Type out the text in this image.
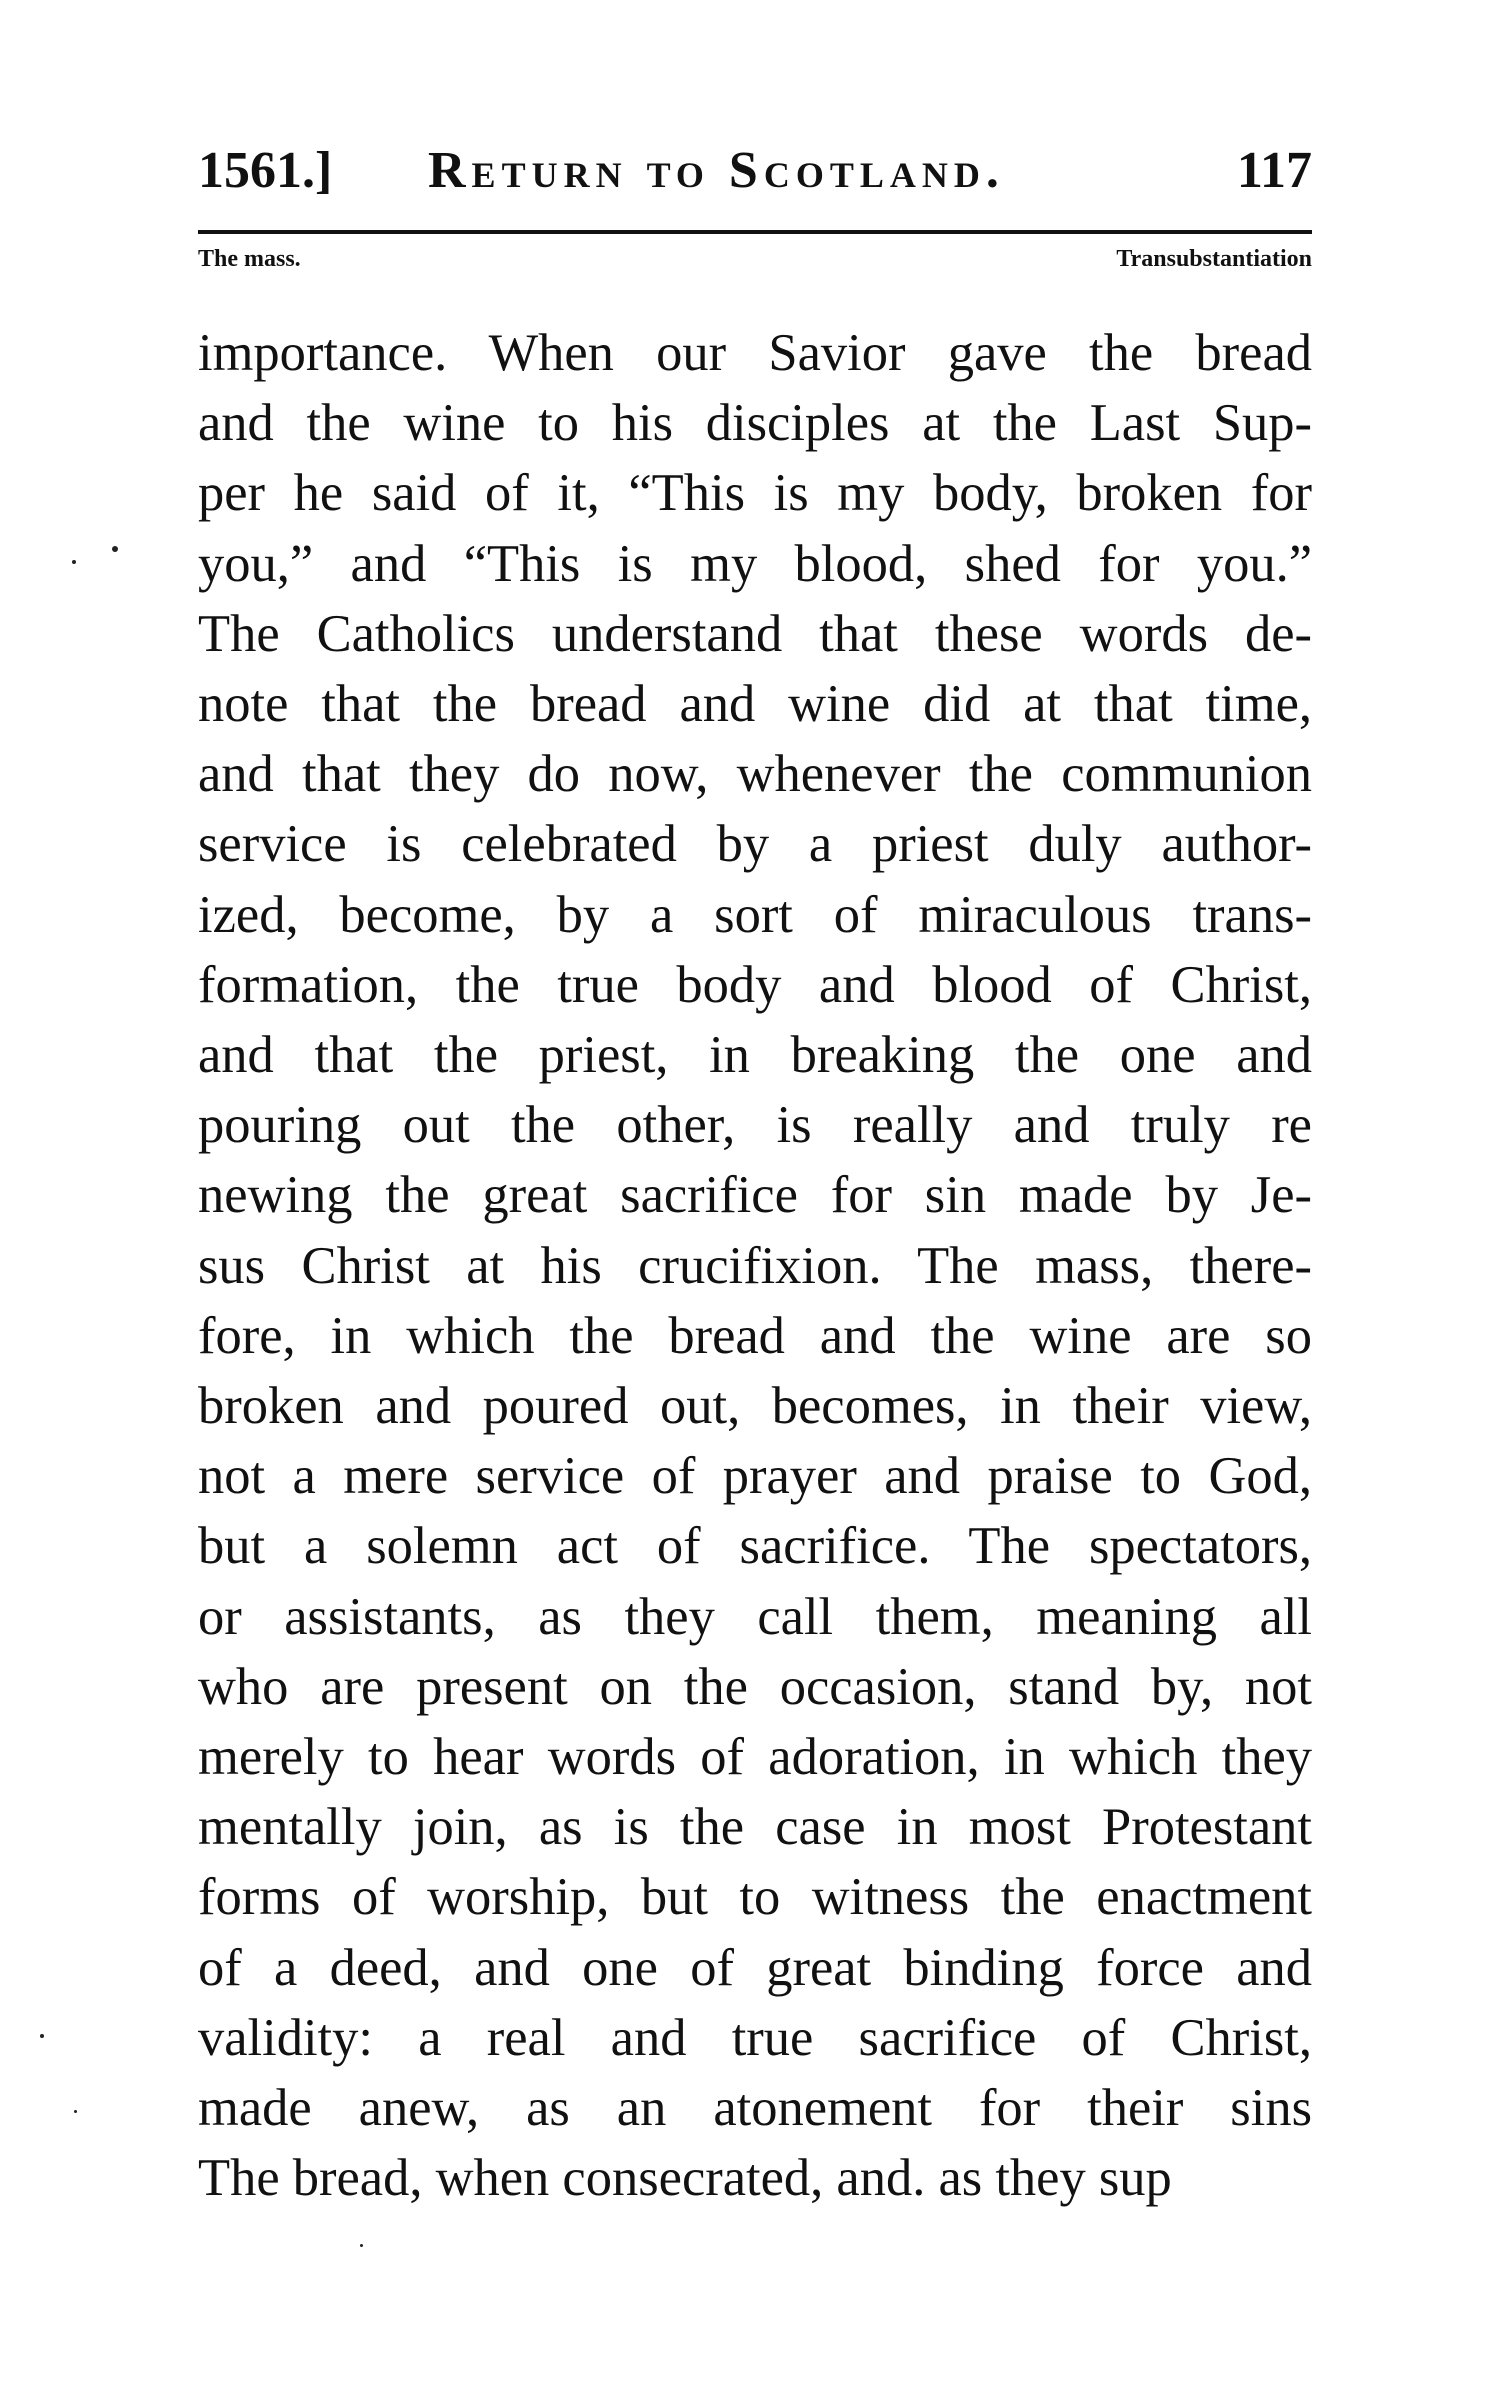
1561.] Return to Scotland.	117
The mass.	Transubstantiation
importance. When our Savior gave the bread
and the wine to his disciples at the Last Sup-
per he said of it, “This is my body, broken for
you,” and “This is my blood, shed for you.”
The Catholics understand that these words de-
note that the bread and wine did at that time,
and that they do now, whenever the communion
service is celebrated by a priest duly author-
ized, become, by a sort of miraculous trans-
formation, the true body and blood of Christ,
and that the priest, in breaking the one and
pouring out the other, is really and truly re
newing the great sacrifice for sin made by Je-
sus Christ at his crucifixion. The mass, there-
fore, in which the bread and the wine are so
broken and poured out, becomes, in their view,
not a mere service of prayer and praise to God,
but a solemn act of sacrifice. The spectators,
or assistants, as they call them, meaning all
who are present on the occasion, stand by, not
merely to hear words of adoration, in which they
mentally join, as is the case in most Protestant
forms of worship, but to witness the enactment
of a deed, and one of great binding force and
validity: a real and true sacrifice of Christ,
made anew, as an atonement for their sins
The bread, when consecrated, and. as they sup
